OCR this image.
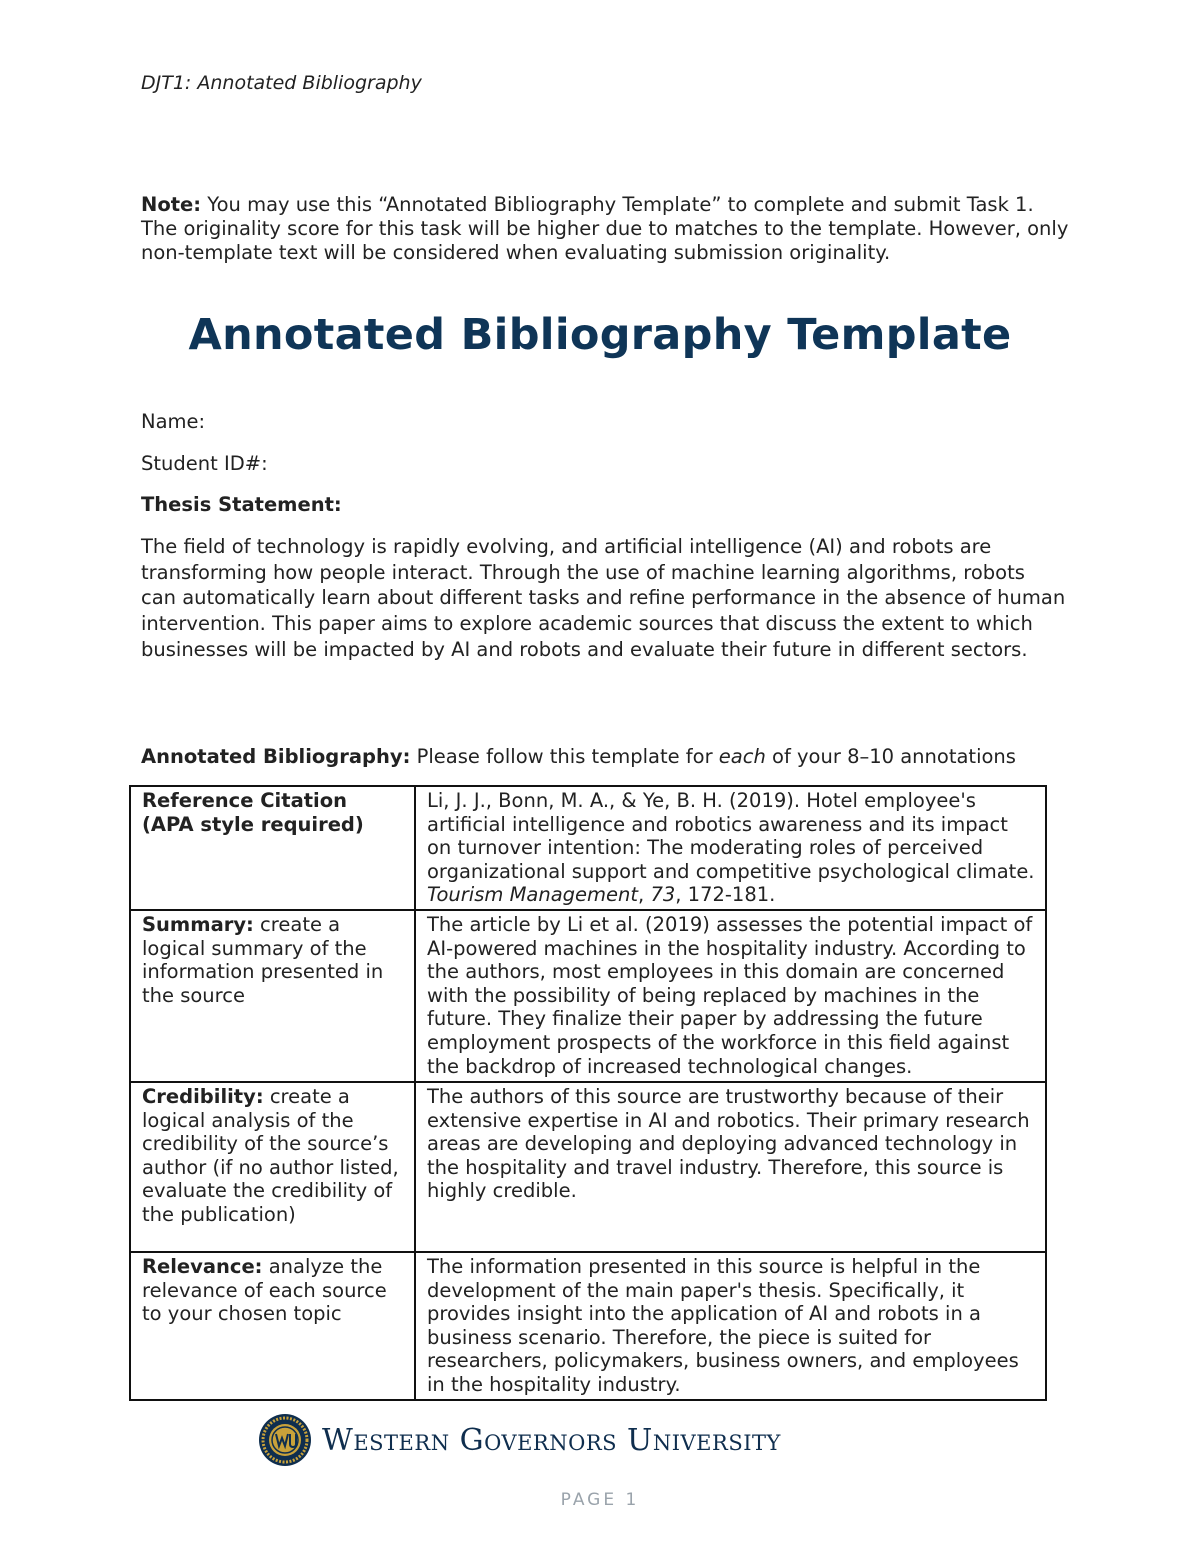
DJT1: Annotated Bibliography
Note: You may use this “Annotated Bibliography Template” to complete and submit Task 1. The originality score for this task will be higher due to matches to the template. However, only non-template text will be considered when evaluating submission originality.
Annotated Bibliography Template
Name:
Student ID#:
Thesis Statement:
The field of technology is rapidly evolving, and artificial intelligence (AI) and robots are transforming how people interact. Through the use of machine learning algorithms, robots can automatically learn about different tasks and refine performance in the absence of human intervention. This paper aims to explore academic sources that discuss the extent to which businesses will be impacted by AI and robots and evaluate their future in different sectors.
Annotated Bibliography: Please follow this template for each of your 8–10 annotations
Reference Citation (APA style required)	Li, J. J., Bonn, M. A., & Ye, B. H. (2019). Hotel employee's artificial intelligence and robotics awareness and its impact on turnover intention: The moderating roles of perceived organizational support and competitive psychological climate. Tourism Management, 73, 172-181.
Summary: create a logical summary of the information presented in the source	The article by Li et al. (2019) assesses the potential impact of AI-powered machines in the hospitality industry. According to the authors, most employees in this domain are concerned with the possibility of being replaced by machines in the future. They finalize their paper by addressing the future employment prospects of the workforce in this field against the backdrop of increased technological changes.
Credibility: create a logical analysis of the credibility of the source’s author (if no author listed, evaluate the credibility of the publication)	The authors of this source are trustworthy because of their extensive expertise in AI and robotics. Their primary research areas are developing and deploying advanced technology in the hospitality and travel industry. Therefore, this source is highly credible.
Relevance: analyze the relevance of each source to your chosen topic	The information presented in this source is helpful in the development of the main paper's thesis. Specifically, it provides insight into the application of AI and robots in a business scenario. Therefore, the piece is suited for researchers, policymakers, business owners, and employees in the hospitality industry.
Western Governors University
PAGE 1
